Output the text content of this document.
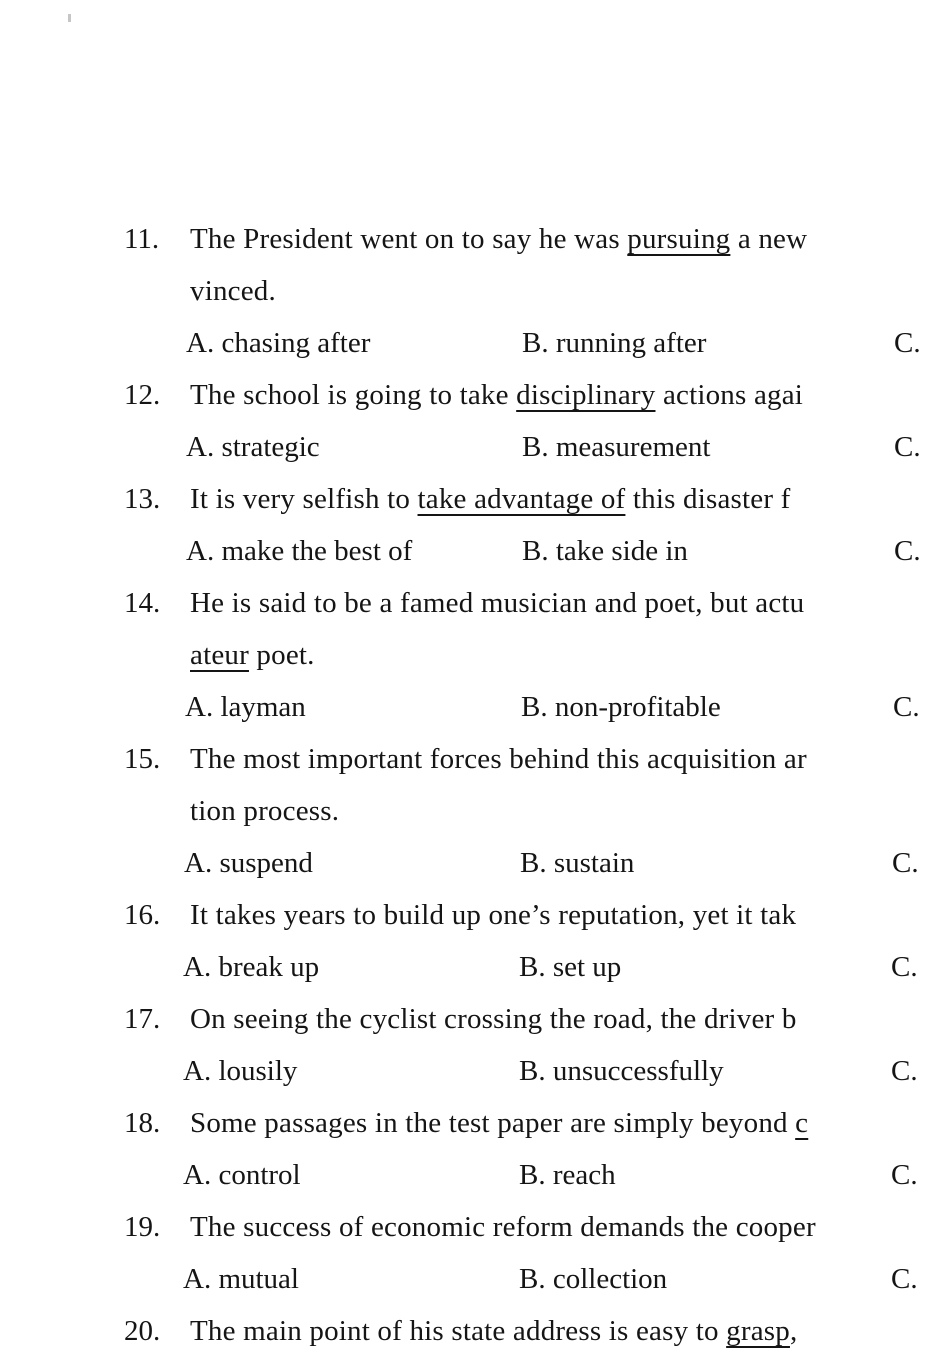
11. The President went on to say he was pursuing a new
vinced.
A. chasing after	B. running after	C.
12. The school is going to take disciplinary actions agai
A. strategic	B. measurement	C.
13. It is very selfish to take advantage of this disaster f
A. make the best of	B. take side in	C.
14. He is said to be a famed musician and poet, but actu
ateur poet.
A. layman	B. non-profitable	C.
15. The most important forces behind this acquisition ar
tion process.
A. suspend	B. sustain	C.
16. It takes years to build up one’s reputation, yet it tak
A. break up	B. set up	C.
17. On seeing the cyclist crossing the road, the driver b
A. lousily	B. unsuccessfully	C.
18. Some passages in the test paper are simply beyond c
A. control	B. reach	C.
19. The success of economic reform demands the cooper
A. mutual	B. collection	C.
20. The main point of his state address is easy to grasp,
